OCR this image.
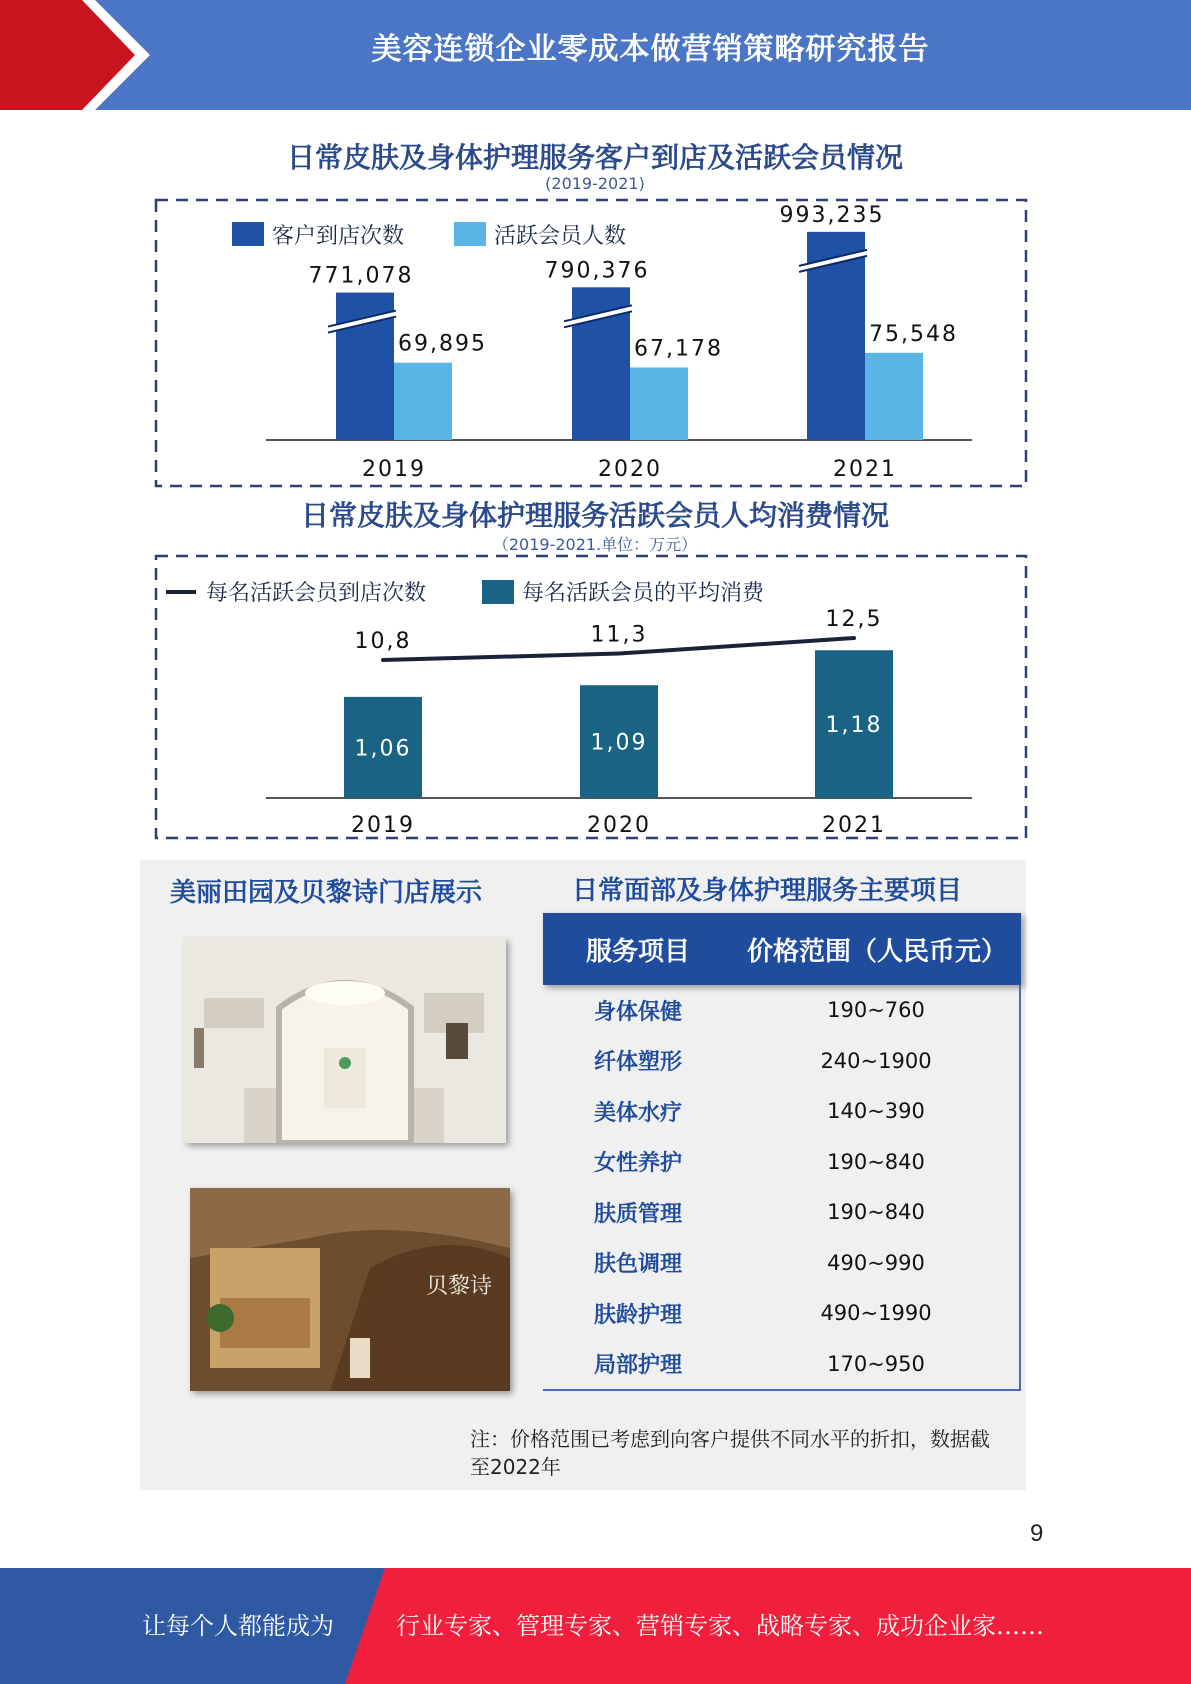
美容连锁企业零成本做营销策略研究报告
日常皮肤及身体护理服务客户到店及活跃会员情况
(2019-2021)
客户到店次数	活跃会员人数
771,078
69,895
2019
790,376
67,178
2020
993,235
75,548
2021
日常皮肤及身体护理服务活跃会员人均消费情况
（2019-2021.单位：万元）
每名活跃会员到店次数	每名活跃会员的平均消费
1,06
10,8
2019
1,09
11,3
2020
1,18
12,5
2021
美丽田园及贝黎诗门店展示	日常面部及身体护理服务主要项目
贝黎诗
服务项目	价格范围（人民币元）
身体保健	190~760
纤体塑形	240~1900
美体水疗	140~390
女性养护	190~840
肤质管理	190~840
肤色调理	490~990
肤龄护理	490~1990
局部护理	170~950
注：价格范围已考虑到向客户提供不同水平的折扣，数据截至2022年
9
让每个人都能成为	行业专家、管理专家、营销专家、战略专家、成功企业家……
